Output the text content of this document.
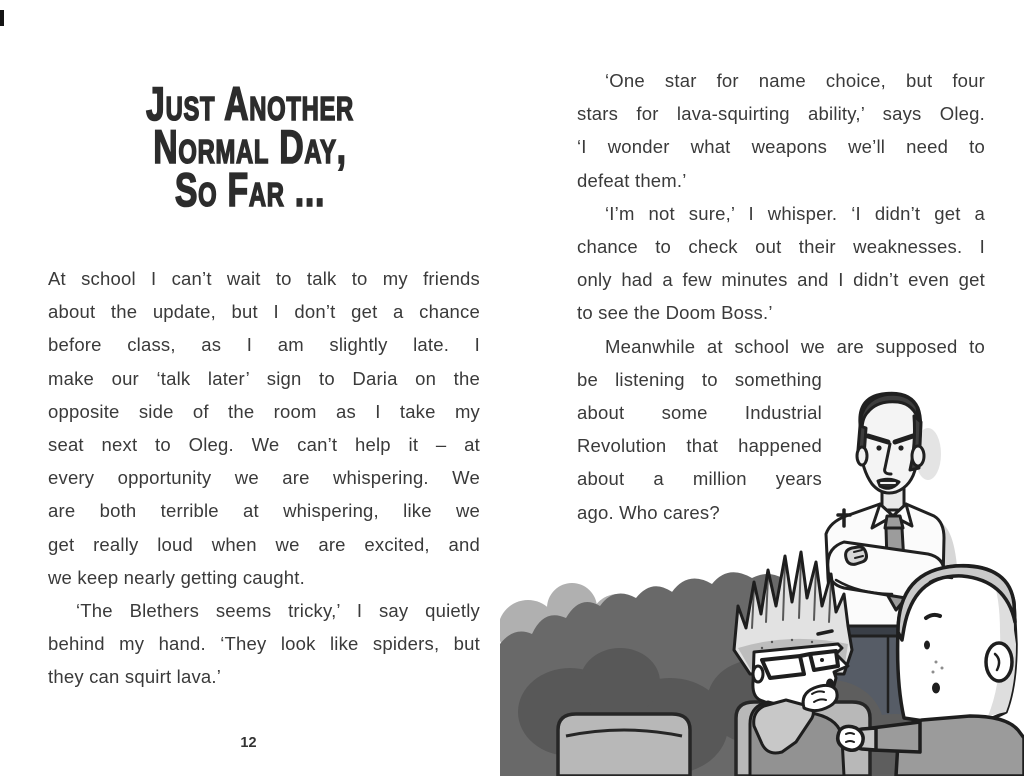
Just Another
Normal Day,
So Far ...
At school I can’t wait to talk to my friends
about the update, but I don’t get a chance
before class, as I am slightly late. I
make our ‘talk later’ sign to Daria on the
opposite side of the room as I take my
seat next to Oleg. We can’t help it – at
every opportunity we are whispering. We
are both terrible at whispering, like we
get really loud when we are excited, and
we keep nearly getting caught.
‘The Blethers seems tricky,’ I say quietly
behind my hand. ‘They look like spiders, but
they can squirt lava.’
12
‘One star for name choice, but four
stars for lava-squirting ability,’ says Oleg.
‘I wonder what weapons we’ll need to
defeat them.’
‘I’m not sure,’ I whisper. ‘I didn’t get a
chance to check out their weaknesses. I
only had a few minutes and I didn’t even get
to see the Doom Boss.’
Meanwhile at school we are supposed to
be listening to something
about some Industrial
Revolution that happened
about a million years
ago. Who cares?
